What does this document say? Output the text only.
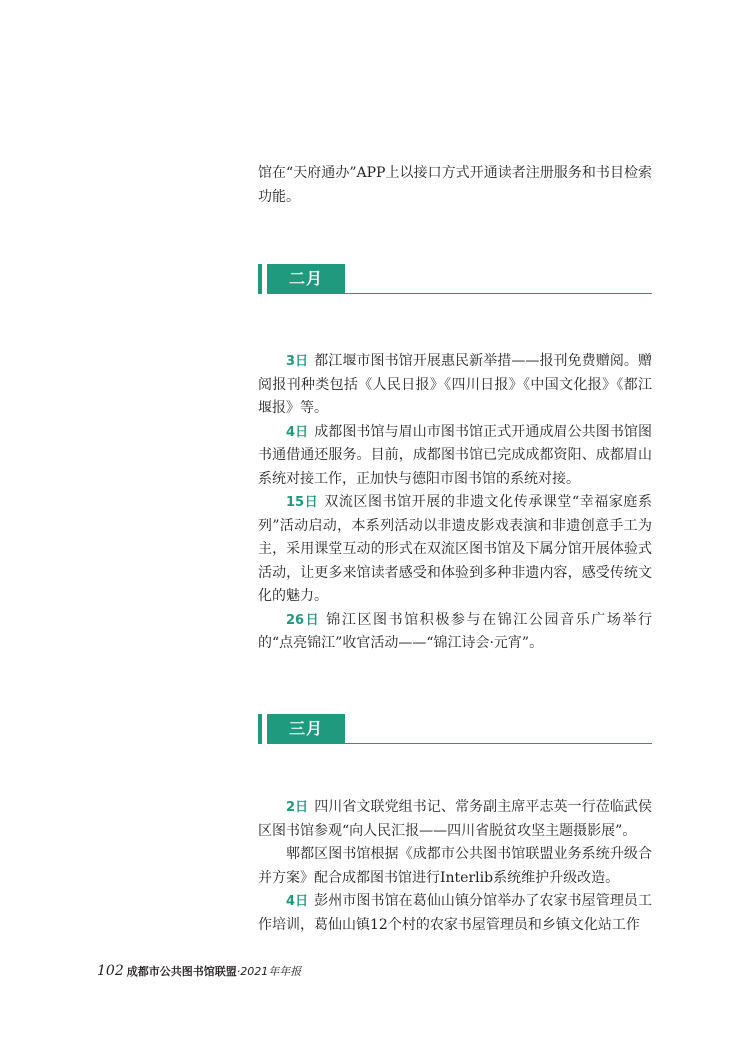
馆在“天府通办”APP上以接口方式开通读者注册服务和书目检索功能。

二月

3日 都江堰市图书馆开展惠民新举措——报刊免费赠阅。赠阅报刊种类包括《人民日报》《四川日报》《中国文化报》《都江堰报》等。

4日 成都图书馆与眉山市图书馆正式开通成眉公共图书馆图书通借通还服务。目前，成都图书馆已完成成都资阳、成都眉山系统对接工作，正加快与德阳市图书馆的系统对接。

15日 双流区图书馆开展的非遗文化传承课堂“幸福家庭系列”活动启动，本系列活动以非遗皮影戏表演和非遗创意手工为主，采用课堂互动的形式在双流区图书馆及下属分馆开展体验式活动，让更多来馆读者感受和体验到多种非遗内容，感受传统文化的魅力。

26日 锦江区图书馆积极参与在锦江公园音乐广场举行的“点亮锦江”收官活动——“锦江诗会·元宵”。

三月

2日 四川省文联党组书记、常务副主席平志英一行莅临武侯区图书馆参观“向人民汇报——四川省脱贫攻坚主题摄影展”。

郫都区图书馆根据《成都市公共图书馆联盟业务系统升级合并方案》配合成都图书馆进行Interlib系统维护升级改造。

4日 彭州市图书馆在葛仙山镇分馆举办了农家书屋管理员工作培训，葛仙山镇12个村的农家书屋管理员和乡镇文化站工作

102 成都市公共图书馆联盟·2021年年报
